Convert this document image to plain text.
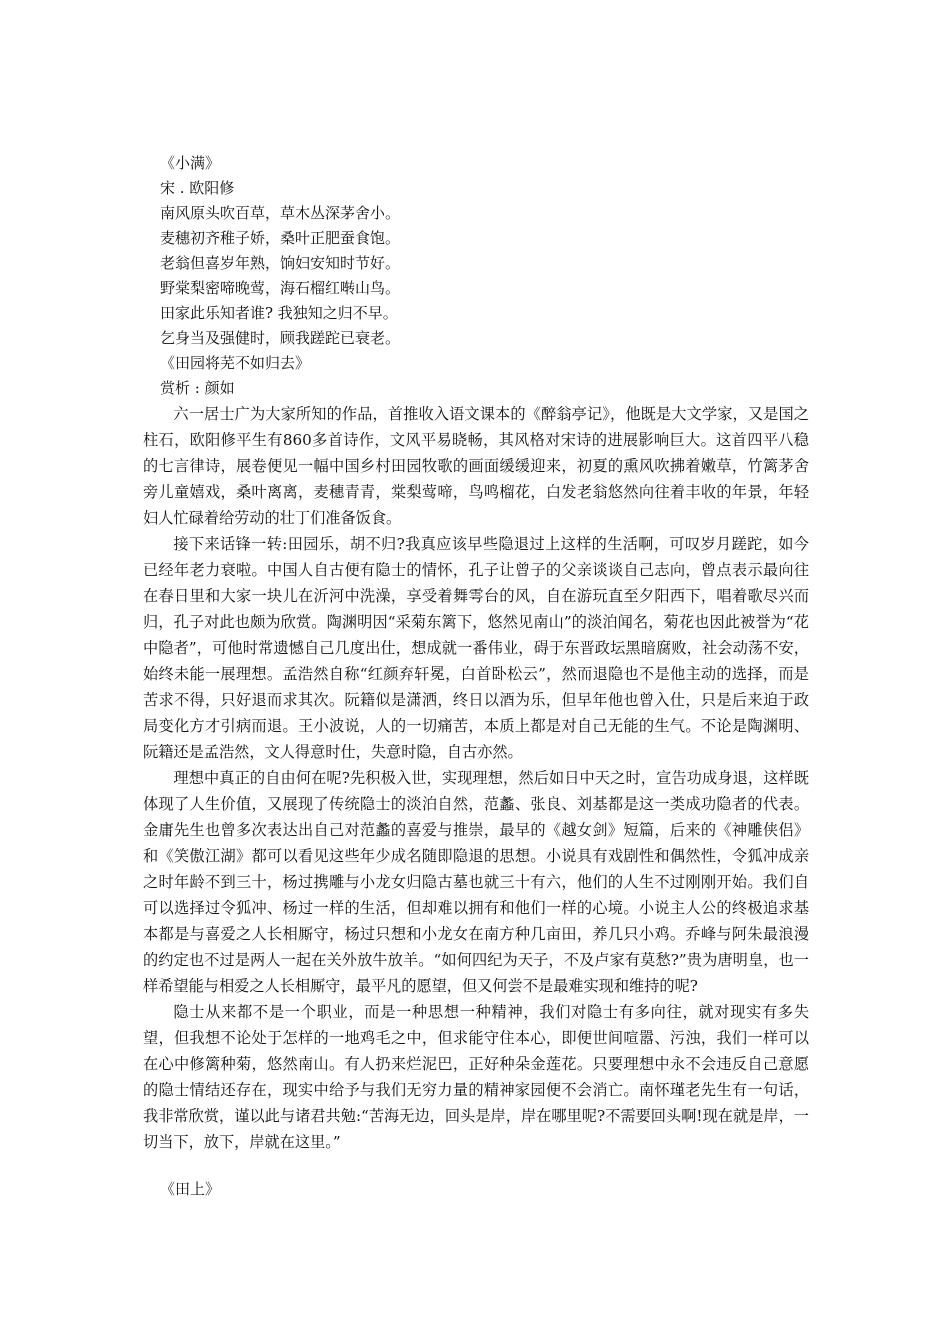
《小满》
宋 . 欧阳修
南风原头吹百草，草木丛深茅舍小。
麦穗初齐稚子娇，桑叶正肥蚕食饱。
老翁但喜岁年熟，饷妇安知时节好。
野棠梨密啼晚莺，海石榴红啭山鸟。
田家此乐知者谁? 我独知之归不早。
乞身当及强健时，顾我蹉跎已衰老。
《田园将芜不如归去》
赏析 : 颜如

六一居士广为大家所知的作品，首推收入语文课本的《醉翁亭记》，他既是大文学家，又是国之柱石，欧阳修平生有860多首诗作，文风平易晓畅，其风格对宋诗的进展影响巨大。这首四平八稳的七言律诗，展卷便见一幅中国乡村田园牧歌的画面缓缓迎来，初夏的熏风吹拂着嫩草，竹篱茅舍旁儿童嬉戏，桑叶离离，麦穗青青，棠梨莺啼，鸟鸣榴花，白发老翁悠然向往着丰收的年景，年轻妇人忙碌着给劳动的壮丁们准备饭食。

接下来话锋一转:田园乐，胡不归?我真应该早些隐退过上这样的生活啊，可叹岁月蹉跎，如今已经年老力衰啦。中国人自古便有隐士的情怀，孔子让曾子的父亲谈谈自己志向，曾点表示最向往在春日里和大家一块儿在沂河中洗澡，享受着舞雩台的风，自在游玩直至夕阳西下，唱着歌尽兴而归，孔子对此也颇为欣赏。陶渊明因“采菊东篱下，悠然见南山”的淡泊闻名，菊花也因此被誉为“花中隐者”，可他时常遗憾自己几度出仕，想成就一番伟业，碍于东晋政坛黑暗腐败，社会动荡不安，始终未能一展理想。孟浩然自称“红颜弃轩冕，白首卧松云”，然而退隐也不是他主动的选择，而是苦求不得，只好退而求其次。阮籍似是潇洒，终日以酒为乐，但早年他也曾入仕，只是后来迫于政局变化方才引病而退。王小波说，人的一切痛苦，本质上都是对自己无能的生气。不论是陶渊明、阮籍还是孟浩然，文人得意时仕，失意时隐，自古亦然。

理想中真正的自由何在呢?先积极入世，实现理想，然后如日中天之时，宣告功成身退，这样既体现了人生价值，又展现了传统隐士的淡泊自然，范蠡、张良、刘基都是这一类成功隐者的代表。金庸先生也曾多次表达出自己对范蠡的喜爱与推崇，最早的《越女剑》短篇，后来的《神雕侠侣》和《笑傲江湖》都可以看见这些年少成名随即隐退的思想。小说具有戏剧性和偶然性，令狐冲成亲之时年龄不到三十，杨过携雕与小龙女归隐古墓也就三十有六，他们的人生不过刚刚开始。我们自可以选择过令狐冲、杨过一样的生活，但却难以拥有和他们一样的心境。小说主人公的终极追求基本都是与喜爱之人长相厮守，杨过只想和小龙女在南方种几亩田，养几只小鸡。乔峰与阿朱最浪漫的约定也不过是两人一起在关外放牛放羊。“如何四纪为天子，不及卢家有莫愁?”贵为唐明皇，也一样希望能与相爱之人长相厮守，最平凡的愿望，但又何尝不是最难实现和维持的呢?

隐士从来都不是一个职业，而是一种思想一种精神，我们对隐士有多向往，就对现实有多失望，但我想不论处于怎样的一地鸡毛之中，但求能守住本心，即便世间喧嚣、污浊，我们一样可以在心中修篱种菊，悠然南山。有人扔来烂泥巴，正好种朵金莲花。只要理想中永不会违反自己意愿的隐士情结还存在，现实中给予与我们无穷力量的精神家园便不会消亡。南怀瑾老先生有一句话，我非常欣赏，谨以此与诸君共勉:“苦海无边，回头是岸，岸在哪里呢?不需要回头啊!现在就是岸，一切当下，放下，岸就在这里。”

《田上》
